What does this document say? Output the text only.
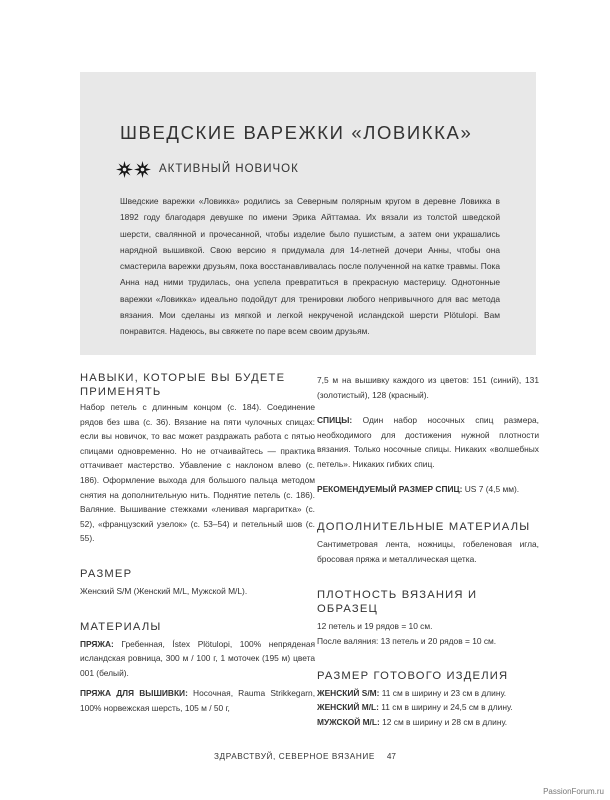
ШВЕДСКИЕ ВАРЕЖКИ «ЛОВИККА»
АКТИВНЫЙ НОВИЧОК

Шведские варежки «Ловикка» родились за Северным полярным кругом в деревне Ловикка в 1892 году благодаря девушке по имени Эрика Айттамаа. Их вязали из толстой шведской шерсти, свалянной и прочесанной, чтобы изделие было пушистым, а затем они украшались нарядной вышивкой. Свою версию я придумала для 14-летней дочери Анны, чтобы она смастерила варежки друзьям, пока восстанавливалась после полученной на катке травмы. Пока Анна над ними трудилась, она успела превратиться в прекрасную мастерицу. Однотонные варежки «Ловикка» идеально подойдут для тренировки любого непривычного для вас метода вязания. Мои сделаны из мягкой и легкой некрученой исландской шерсти Plötulopi. Вам понравится. Надеюсь, вы свяжете по паре всем своим друзьям.

НАВЫКИ, КОТОРЫЕ ВЫ БУДЕТЕ
ПРИМЕНЯТЬ

Набор петель с длинным концом (с. 184). Соединение рядов без шва (с. 36). Вязание на пяти чулочных спицах: если вы новичок, то вас может раздражать работа с пятью спицами одновременно. Но не отчаивайтесь — практика оттачивает мастерство. Убавление с наклоном влево (с. 186). Оформление выхода для большого пальца методом снятия на дополнительную нить. Поднятие петель (с. 186). Валяние. Вышивание стежками «ленивая маргаритка» (с. 52), «французский узелок» (с. 53–54) и петельный шов (с. 55).

РАЗМЕР

Женский S/M (Женский M/L, Мужской M/L).

МАТЕРИАЛЫ

ПРЯЖА: Гребенная, Ístex Plötulopi, 100% непряденая исландская ровница, 300 м / 100 г, 1 моточек (195 м) цвета 001 (белый).

ПРЯЖА ДЛЯ ВЫШИВКИ: Носочная, Rauma Strikkegarn, 100% норвежская шерсть, 105 м / 50 г,

7,5 м на вышивку каждого из цветов: 151 (синий), 131 (золотистый), 128 (красный).

СПИЦЫ: Один набор носочных спиц размера, необходимого для достижения нужной плотности вязания. Только носочные спицы. Никаких «волшебных петель». Никаких гибких спиц.

РЕКОМЕНДУЕМЫЙ РАЗМЕР СПИЦ: US 7 (4,5 мм).

ДОПОЛНИТЕЛЬНЫЕ МАТЕРИАЛЫ

Сантиметровая лента, ножницы, гобеленовая игла, бросовая пряжа и металлическая щетка.

ПЛОТНОСТЬ ВЯЗАНИЯ И ОБРАЗЕЦ

12 петель и 19 рядов = 10 см.

После валяния: 13 петель и 20 рядов = 10 см.

РАЗМЕР ГОТОВОГО ИЗДЕЛИЯ

ЖЕНСКИЙ S/M: 11 см в ширину и 23 см в длину.

ЖЕНСКИЙ M/L: 11 см в ширину и 24,5 см в длину.

МУЖСКОЙ M/L: 12 см в ширину и 28 см в длину.

ЗДРАВСТВУЙ, СЕВЕРНОЕ ВЯЗАНИЕ 47
PassionForum.ru
